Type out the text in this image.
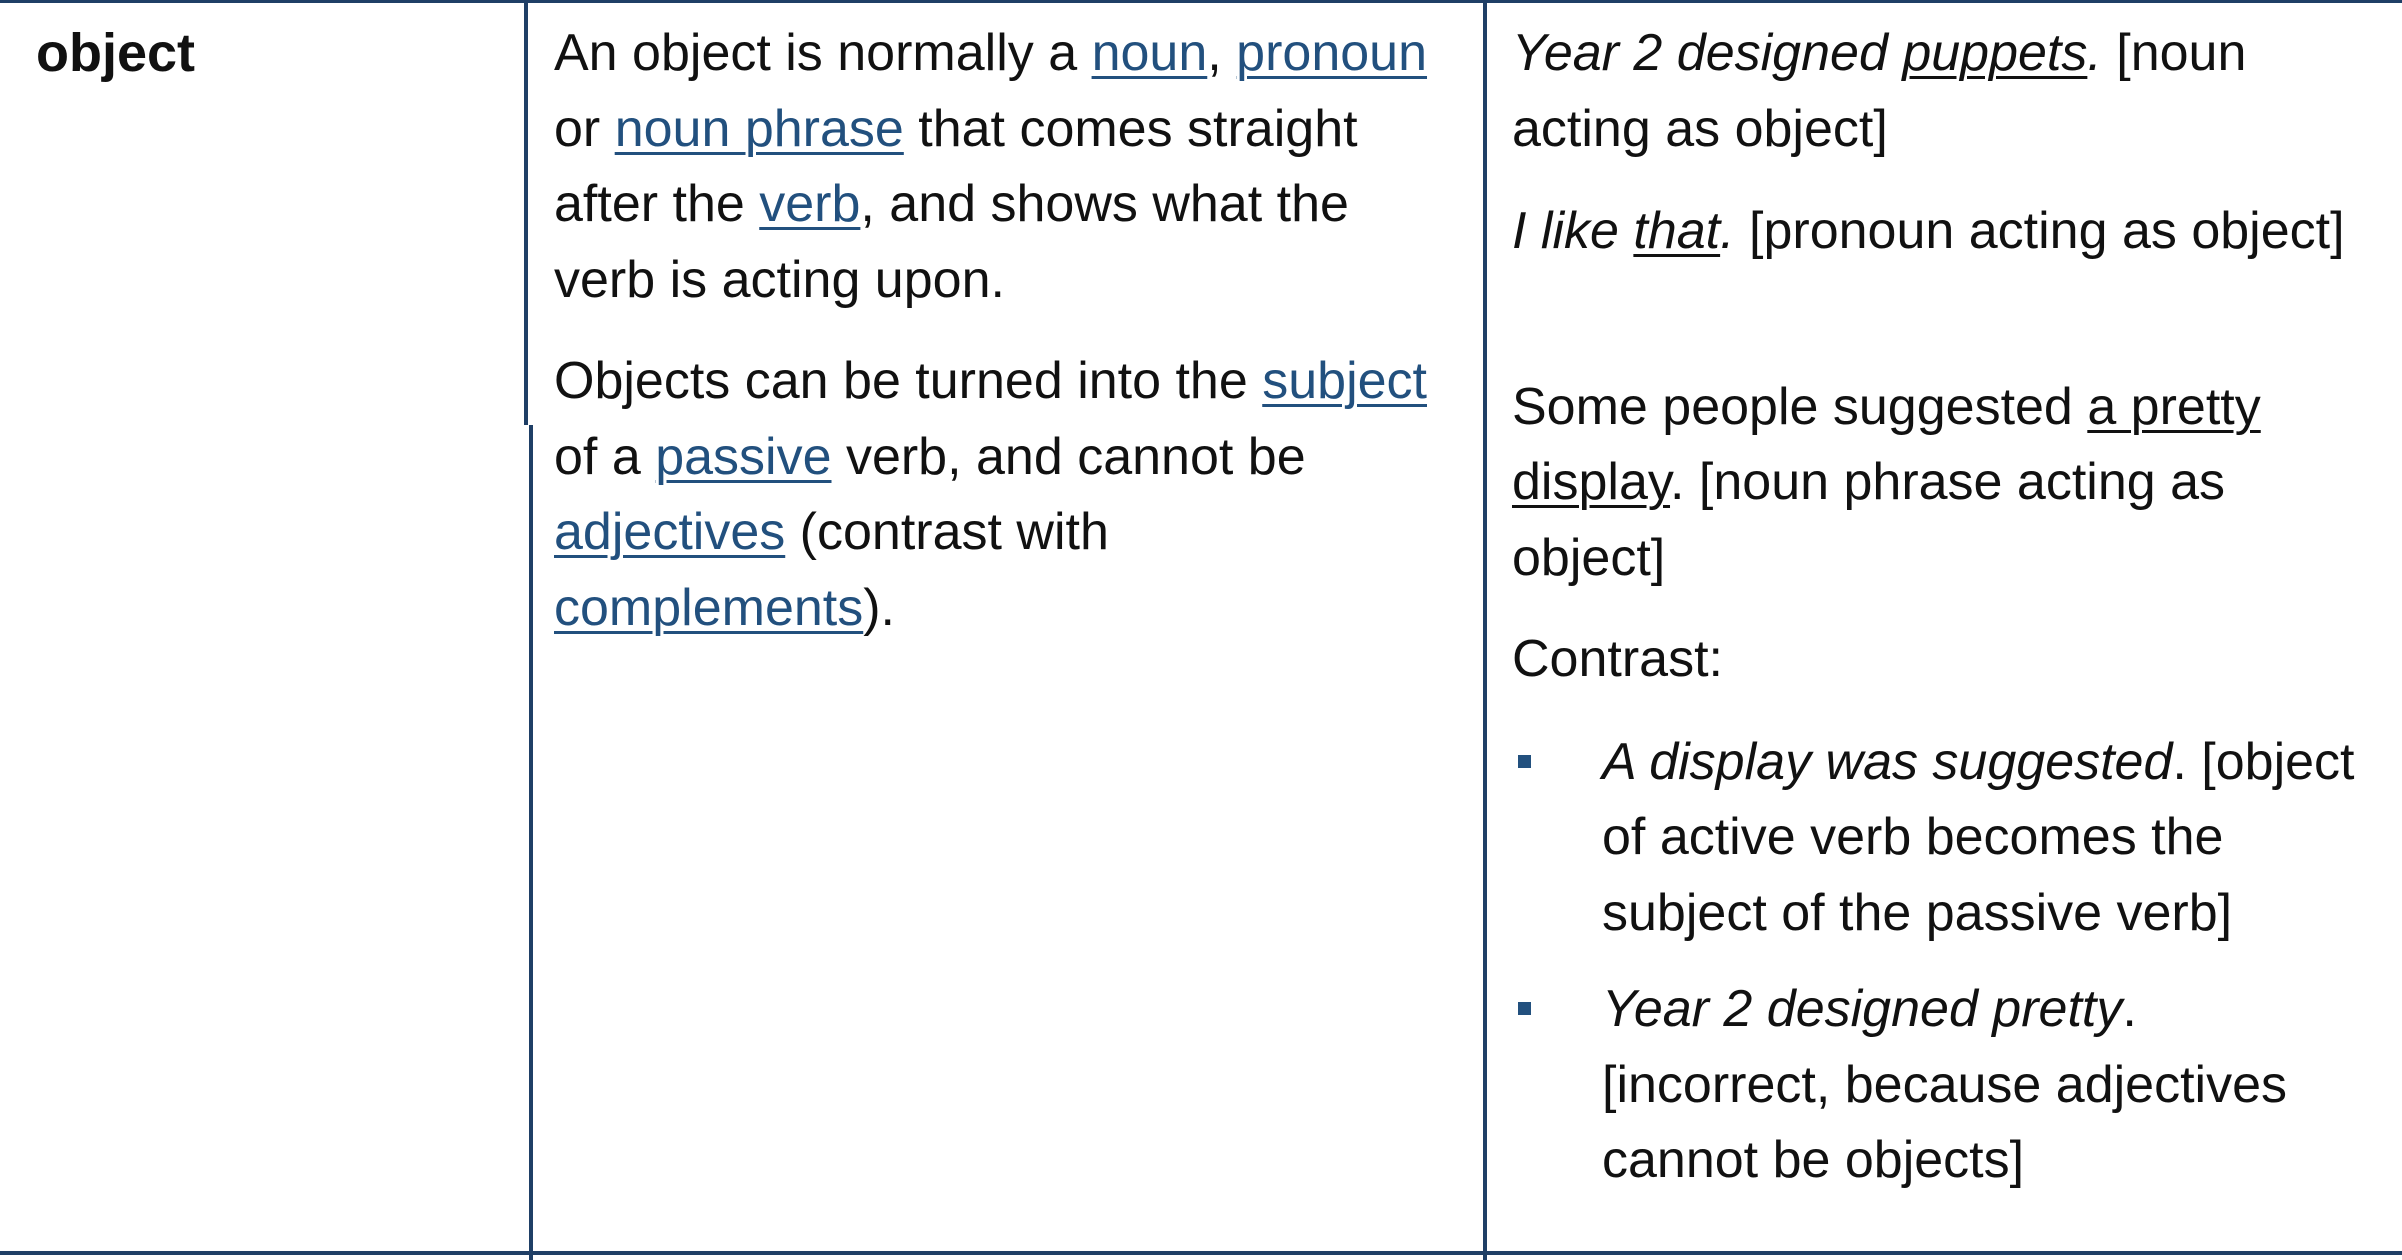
object	An object is normally a noun, pronoun or noun phrase that comes straight after the verb, and shows what the verb is acting upon.

Objects can be turned into the subject of a passive verb, and cannot be adjectives (contrast with complements).

Year 2 designed puppets. [noun acting as object]

I like that. [pronoun acting as object]

Some people suggested a pretty display. [noun phrase acting as object]

Contrast:

A display was suggested. [object of active verb becomes the subject of the passive verb]
Year 2 designed pretty. [incorrect, because adjectives cannot be objects]
